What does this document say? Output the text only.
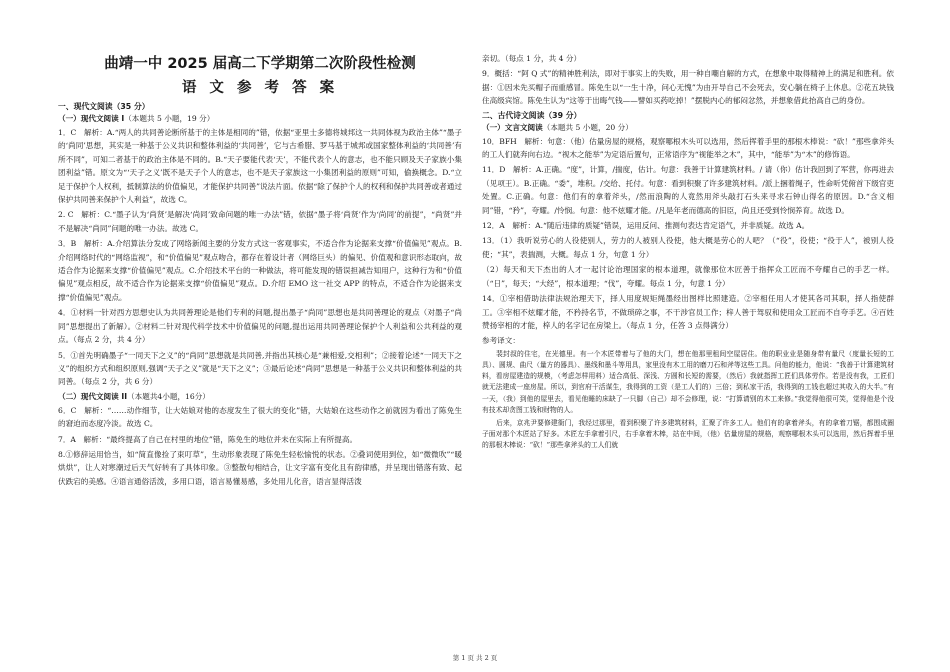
曲靖一中 2025 届高二下学期第二次阶段性检测
语 文 参 考 答 案
一、现代文阅读（35 分）
（一）现代文阅读 I（本题共 5 小题，19 分）
1．C　解析：A.“两人的共同善论断所基于的主体是相同的”错，依据“亚里士多德将城邦这一共同体视为政治主体”“墨子的‘尚同’思想，其实是一种基于公义共识和整体利益的‘共同善’，它与古希腊、罗马基于城邦或国家整体利益的‘共同善’有所不同”，可知二者基于的政治主体是不同的。B.“天子要能代表‘天’，不能代表个人的意志，也不能只顾及天子家族小集团利益”错。原文为“‘天子之义’既不是天子个人的意志，也不是天子家族这一小集团利益的原则”可知，偷换概念。D.“立足于保护个人权利，抵制算法的价值偏见，才能保护共同善”说法片面。依据“除了保护个人的权利和保护共同善或者通过保护共同善来保护个人利益”，故选 C。
2. C　解析：C.“墨子认为‘尚贤’是解决‘尚同’致命问题的唯一办法”错，依据“墨子将‘尚贤’作为‘尚同’的前提”，“尚贤”并不是解决“尚同”问题的唯一办法。故选 C。
3．B　解析：A.介绍算法分发成了网络新闻主要的分发方式这一客观事实，不适合作为论据来支撑“价值偏见”观点。B.介绍网络时代的“网络监视”，和“价值偏见”观点吻合，都存在着设计者（网络巨头）的偏见、价值观和意识形态取向，故适合作为论据来支撑“价值偏见”观点。C.介绍技术平台的一种做法，将可能发现的错误担减告知用户，这种行为和“价值偏见”观点相反，故不适合作为论据来支撑“价值偏见”观点。D.介绍 EMO 这一社交 APP 的特点，不适合作为论据来支撑“价值偏见”观点。
4．①材料一针对西方思想史认为共同善理论是他们专利的问题,提出墨子“尚同”思想也是共同善理论的观点（对墨子“尚同”思想提出了新解）。②材料二针对现代科学技术中价值偏见的问题,提出运用共同善理论保护个人利益和公共利益的观点。（每点 2 分，共 4 分）
5．①首先明确墨子“一同天下之义”的“尚同”思想就是共同善,并指出其核心是“兼相爱,交相利”；②接着论述“一同天下之义”的组织方式和组织原则,强调“天子之义”就是“天下之义”；③最后论述“尚同”思想是一种基于公义共识和整体利益的共同善。（每点 2 分，共 6 分）
（二）现代文阅读 II（本题共4小题，16分）
6．C　解析：“……动作细节，让大姑娘对他的态度发生了很大的变化”错，大姑娘在这些动作之前就因为看出了陈免生的窘迫而态度冷淡。故选 C。
7．A　解析：“最终提高了自己在村里的地位”错，陈免生的地位并未在实际上有所提高。
8.①修辞运用恰当，如“简直像捡了束叮草”，生动形象表现了陈免生轻松愉悦的状态。②叠词使用到位，如“微微吹”“暖烘烘”，让人对寒潮过后天气好转有了具体印象。③整散句相结合，让文字富有变化且有韵律感，并呈现出错落有致、起伏跌宕的美感。④语言通俗活泼，多用口语，语言易懂易感，多处用儿化音，语言显得活泼
亲切。（每点 1 分，共 4 分）
9．概括：“阿 Q 式”的精神胜利法，即对于事实上的失败，用一种自嘲自解的方式，在想象中取得精神上的满足和胜利。依据：①因未先买帽子而重感冒。陈免生以“一生十净，问心无愧”为由开导自己不会死去，安心躺在椅子上休息。②花五块钱住高级宾馆。陈免生认为“这等于出晦气钱——譬如买药吃掉！”摆脱内心的郁闷忿然，并想象借此抬高自己的身份。
二、古代诗文阅读（39 分）
（一）文言文阅读（本题共 5 小题，20 分）
10．BFH　解析：句意：（他）估量房屋的规格，观察哪根木头可以选用，然后挥着手里的那根木棒说：“砍！”那些拿斧头的工人们就奔向右边。“视木之能举”为定语后置句，正常语序为“视能举之木”，其中，“能举”为“木”的修饰语。
11．D　解析：A.正确。“度”，计算，/揣度，估计。句意：我善于计算建筑材料。/ 请（你）估计我回到了军营，你再进去（见项王）。B.正确。“委”，堆积。/交给、托付。句意：看到积聚了许多建筑材料。/派上捆着绳子，性命听凭俯首下级官吏处置。C.正确。句意：他们有的拿着斧头，/然而浪陶的人竟然用斧头敲打石头来寻求石钟山得名的原因。D.“含义相同”错，“矜”，夸耀。/怜悯。句意：他不炫耀才能。/凡是年老而德高的旧臣，尚且还受到怜悯养育。故选 D。
12．A　解析：A.“随后违律的质疑”错误，运用反问、推测句表达肯定语气，并非质疑。故选 A。
13．（1）我听说劳心的人役使别人，劳力的人被别人役使，他大概是劳心的人吧？（“役”，役使；“役于人”，被别人役使；“其”，表揣测，大概。每点 1 分，句意 1 分）
（2）每天和天下杰出的人才一起讨论治理国家的根本道理，就像那位木匠善于指挥众工匠而不夸耀自己的手艺一样。（“日”，每天；“大经”，根本道理；“伐”，夸耀。每点 1 分，句意 1 分）
14．①宰相借助法律法规治理天下，择人用度规矩绳墨经出图样比照建造。②宰相任用人才使其各司其职，择人指使群工。③宰相不炫耀才能，不矜持名节，不做琐碎之事，不干涉官员工作；梓人善于驾驭和使用众工匠而不自夸手艺。④百姓赞扬宰相的才能，梓人的名字记在房梁上。（每点 1 分，任答 3 点得满分）
参考译文：
裴封叔的住宅，在光德里。有一个木匠带着与了他的大门，想在他那里租间空屋居住。他的职业业是随身带有量尺（度量长短的工具）、圆规、曲尺（量方的器具）、墨线和墨斗等用具，家里没有木工用的磨刀石和斧等这些工具。问他的能力，他说：“我善于计算建筑材料，看房屋建造的规模，（考虑怎样用料）适合高低、深浅、方圆和长短的需要，（然后）我就指挥工匠们具体劳作。若是没有我，工匠们就无法建成一座房屋。所以，到官府干活谋生，我得到的工资（是工人们的）三倍；到私家干活，我得到的工钱也超过其收入的大半。”有一天，（我）到他的屋里去，看见他睡的床缺了一只脚（自己）却不会修理，说：“打算请别的木工来修。”我觉得他很可笑，觉得他是个没有技术却贪图工钱和财物的人。
后来，京兆尹要修建衙门，我经过那里，看到积聚了许多建筑材料，汇聚了许多工人。他们有的拿着斧头，有的拿着刀锯，都围成圈子面对那个木匠站了好多。木匠左手拿着引尺，右手拿着木棒，站在中间，（他）估量房屋的规格，观察哪根木头可以选用，然后挥着手里的那根木棒说：“砍！”那些拿斧头的工人们就
第 1 页 共 2 页
